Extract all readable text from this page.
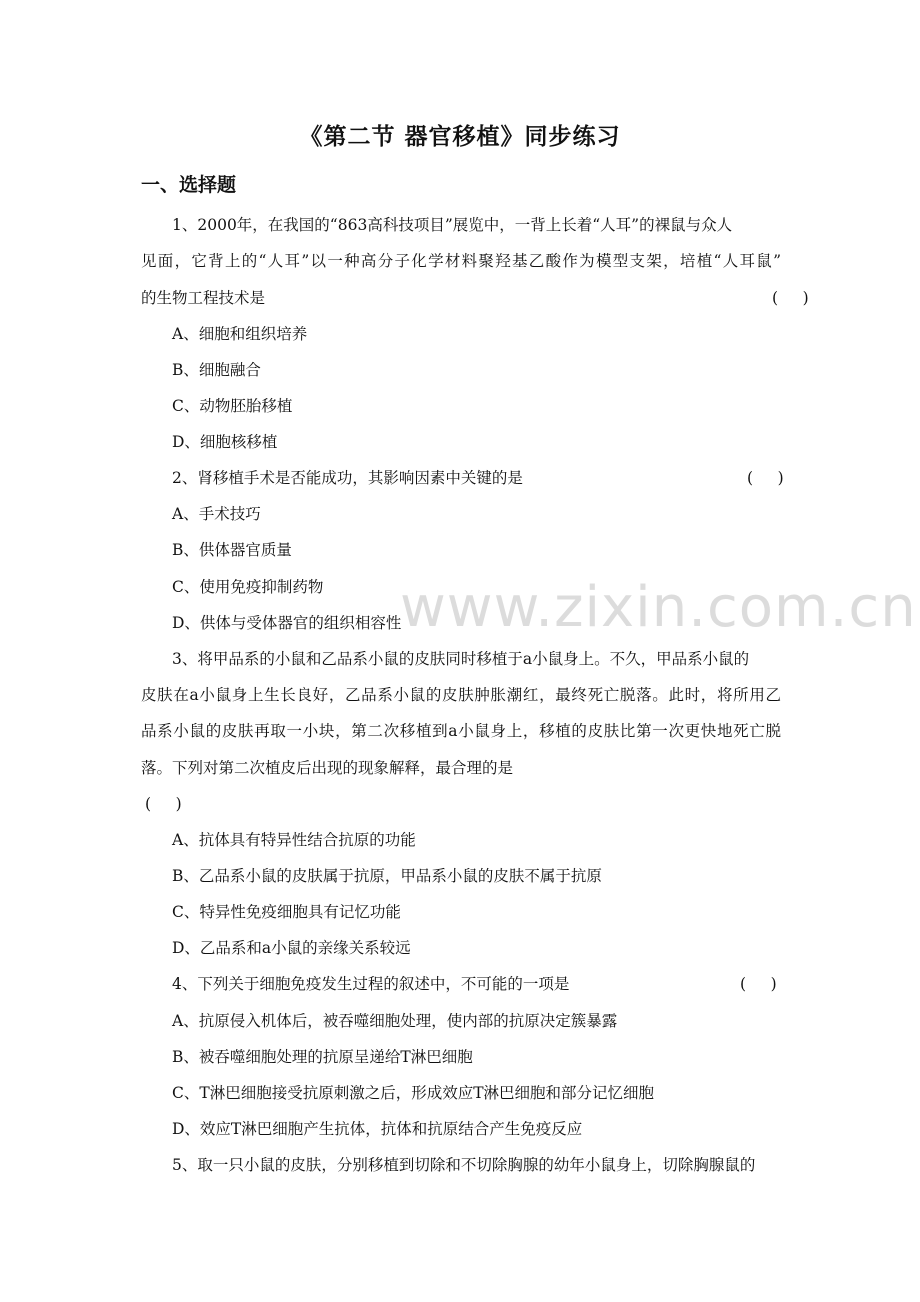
《第二节 器官移植》同步练习
一、选择题
www.zixin.com.cn
1、2000年，在我国的“863高科技项目”展览中，一背上长着“人耳”的裸鼠与众人
见面，它背上的“人耳”以一种高分子化学材料聚羟基乙酸作为模型支架，培植“人耳鼠”
的生物工程技术是	(     )
A、细胞和组织培养
B、细胞融合
C、动物胚胎移植
D、细胞核移植
2、肾移植手术是否能成功，其影响因素中关键的是	(     )
A、手术技巧
B、供体器官质量
C、使用免疫抑制药物
D、供体与受体器官的组织相容性
3、将甲品系的小鼠和乙品系小鼠的皮肤同时移植于a小鼠身上。不久，甲品系小鼠的
皮肤在a小鼠身上生长良好，乙品系小鼠的皮肤肿胀潮红，最终死亡脱落。此时，将所用乙
品系小鼠的皮肤再取一小块，第二次移植到a小鼠身上，移植的皮肤比第一次更快地死亡脱
落。下列对第二次植皮后出现的现象解释，最合理的是
(     )
A、抗体具有特异性结合抗原的功能
B、乙品系小鼠的皮肤属于抗原，甲品系小鼠的皮肤不属于抗原
C、特异性免疫细胞具有记忆功能
D、乙品系和a小鼠的亲缘关系较远
4、下列关于细胞免疫发生过程的叙述中，不可能的一项是	(     )
A、抗原侵入机体后，被吞噬细胞处理，使内部的抗原决定簇暴露
B、被吞噬细胞处理的抗原呈递给T淋巴细胞
C、T淋巴细胞接受抗原刺激之后，形成效应T淋巴细胞和部分记忆细胞
D、效应T淋巴细胞产生抗体，抗体和抗原结合产生免疫反应
5、取一只小鼠的皮肤，分别移植到切除和不切除胸腺的幼年小鼠身上，切除胸腺鼠的
